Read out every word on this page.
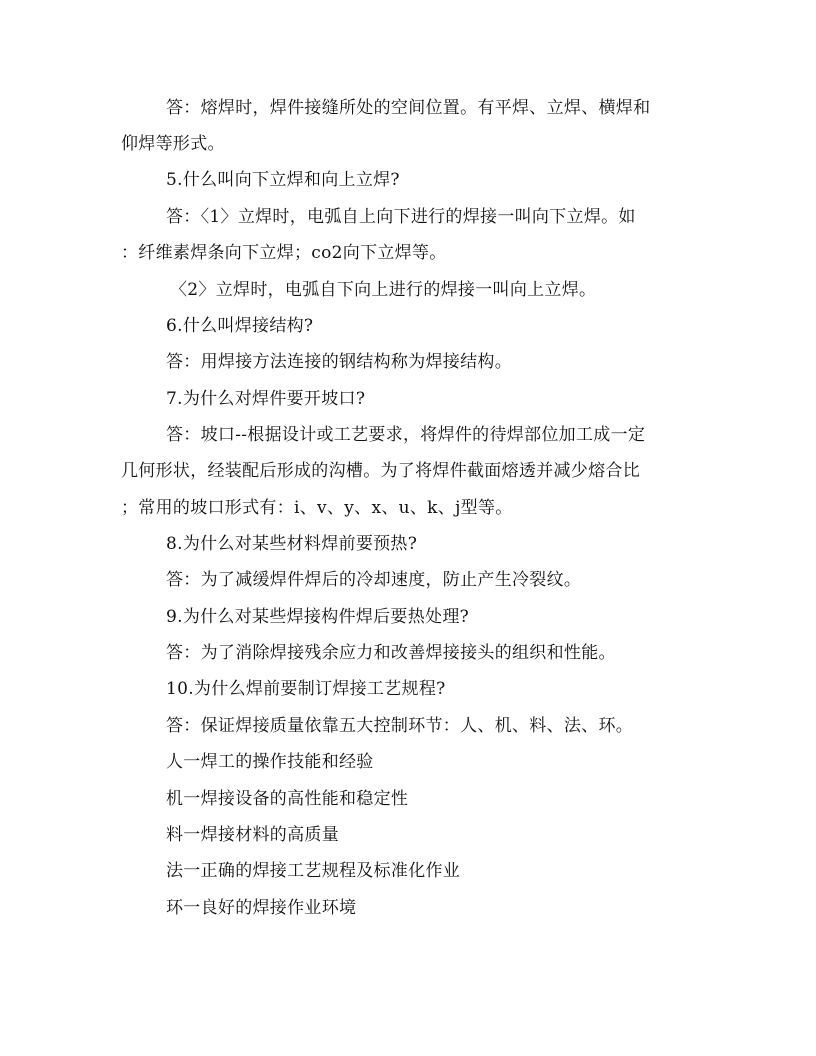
答：熔焊时，焊件接缝所处的空间位置。有平焊、立焊、横焊和
仰焊等形式。
5.什么叫向下立焊和向上立焊?
答：〈1〉立焊时，电弧自上向下进行的焊接一叫向下立焊。如
：纤维素焊条向下立焊；co2向下立焊等。
〈2〉立焊时，电弧自下向上进行的焊接一叫向上立焊。
6.什么叫焊接结构?
答：用焊接方法连接的钢结构称为焊接结构。
7.为什么对焊件要开坡口?
答：坡口--根据设计或工艺要求，将焊件的待焊部位加工成一定
几何形状，经装配后形成的沟槽。为了将焊件截面熔透并减少熔合比
；常用的坡口形式有：i、v、y、x、u、k、j型等。
8.为什么对某些材料焊前要预热?
答：为了减缓焊件焊后的冷却速度，防止产生冷裂纹。
9.为什么对某些焊接构件焊后要热处理?
答：为了消除焊接残余应力和改善焊接接头的组织和性能。
10.为什么焊前要制订焊接工艺规程?
答：保证焊接质量依靠五大控制环节：人、机、料、法、环。
人一焊工的操作技能和经验
机一焊接设备的高性能和稳定性
料一焊接材料的高质量
法一正确的焊接工艺规程及标准化作业
环一良好的焊接作业环境
